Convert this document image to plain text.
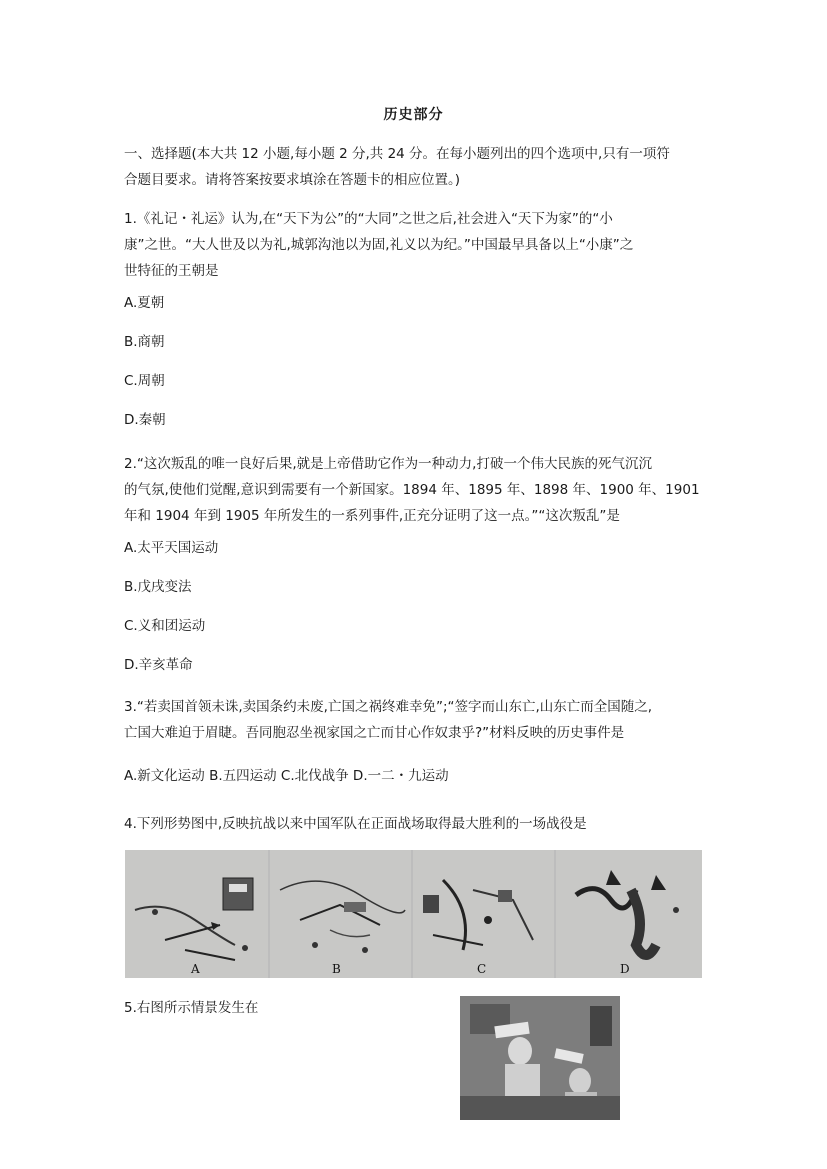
历史部分
一、选择题(本大共 12 小题,每小题 2 分,共 24 分。在每小题列出的四个选项中,只有一项符
合题目要求。请将答案按要求填涂在答题卡的相应位置。)
1.《礼记・礼运》认为,在“天下为公”的“大同”之世之后,社会进入“天下为家”的“小
康”之世。“大人世及以为礼,城郭沟池以为固,礼义以为纪。”中国最早具备以上“小康”之
世特征的王朝是
A.夏朝
B.商朝
C.周朝
D.秦朝
2.“这次叛乱的唯一良好后果,就是上帝借助它作为一种动力,打破一个伟大民族的死气沉沉
的气氛,使他们觉醒,意识到需要有一个新国家。1894 年、1895 年、1898 年、1900 年、1901
年和 1904 年到 1905 年所发生的一系列事件,正充分证明了这一点。”“这次叛乱”是
A.太平天国运动
B.戊戌变法
C.义和团运动
D.辛亥革命
3.“若卖国首领未诛,卖国条约未废,亡国之祸终难幸免”;“签字而山东亡,山东亡而全国随之,
亡国大难迫于眉睫。吾同胞忍坐视家国之亡而甘心作奴隶乎?”材料反映的历史事件是
A.新文化运动 B.五四运动 C.北伐战争 D.一二・九运动
4.下列形势图中,反映抗战以来中国军队在正面战场取得最大胜利的一场战役是
A	B	C	D
5.右图所示情景发生在
